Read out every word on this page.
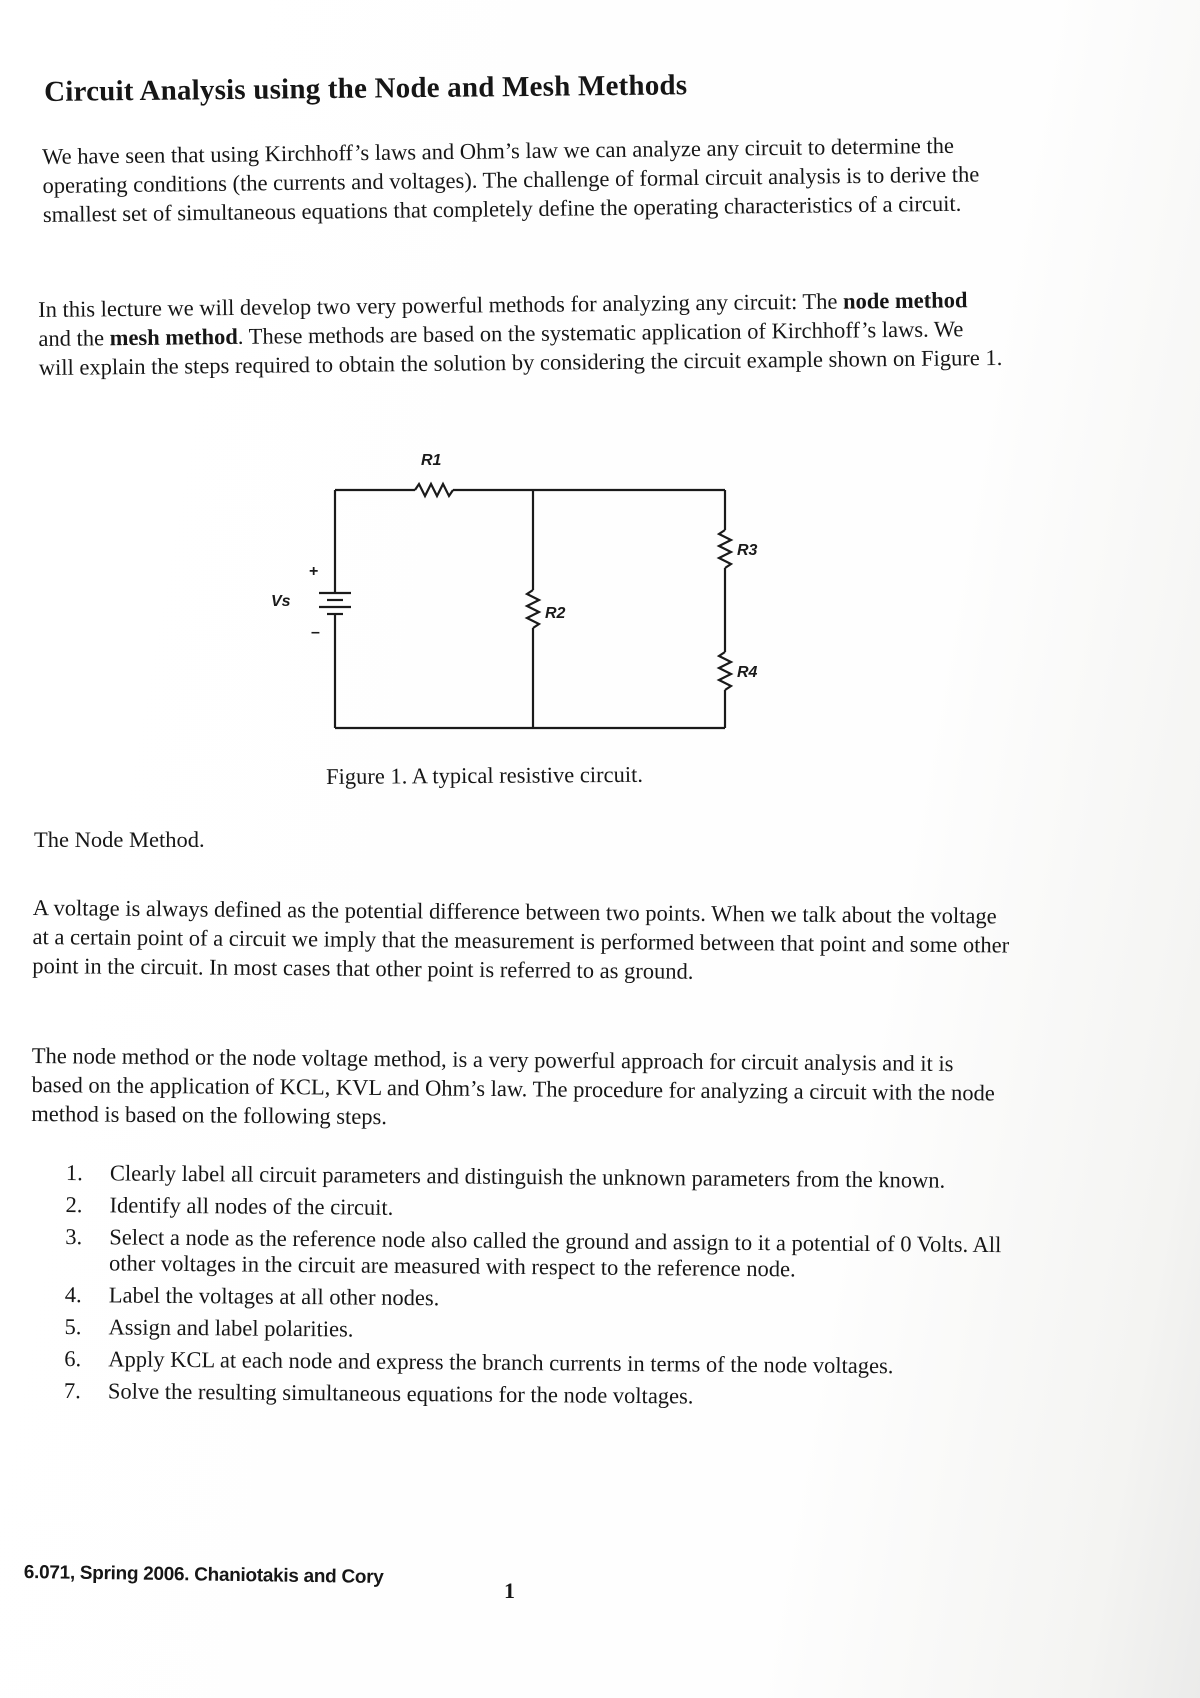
Circuit Analysis using the Node and Mesh Methods

We have seen that using Kirchhoff’s laws and Ohm’s law we can analyze any circuit to determine the operating conditions (the currents and voltages). The challenge of formal circuit analysis is to derive the smallest set of simultaneous equations that completely define the operating characteristics of a circuit.

In this lecture we will develop two very powerful methods for analyzing any circuit: The node method and the mesh method. These methods are based on the systematic application of Kirchhoff’s laws. We will explain the steps required to obtain the solution by considering the circuit example shown on Figure 1.

R1
R2
R3
R4
Vs
+
–
Figure 1. A typical resistive circuit.
The Node Method.

A voltage is always defined as the potential difference between two points. When we talk about the voltage at a certain point of a circuit we imply that the measurement is performed between that point and some other point in the circuit. In most cases that other point is referred to as ground.

The node method or the node voltage method, is a very powerful approach for circuit analysis and it is based on the application of KCL, KVL and Ohm’s law. The procedure for analyzing a circuit with the node method is based on the following steps.

1.	Clearly label all circuit parameters and distinguish the unknown parameters from the known.
2.	Identify all nodes of the circuit.
3.	Select a node as the reference node also called the ground and assign to it a potential of 0 Volts. All other voltages in the circuit are measured with respect to the reference node.
4.	Label the voltages at all other nodes.
5.	Assign and label polarities.
6.	Apply KCL at each node and express the branch currents in terms of the node voltages.
7.	Solve the resulting simultaneous equations for the node voltages.
6.071, Spring 2006. Chaniotakis and Cory
1
